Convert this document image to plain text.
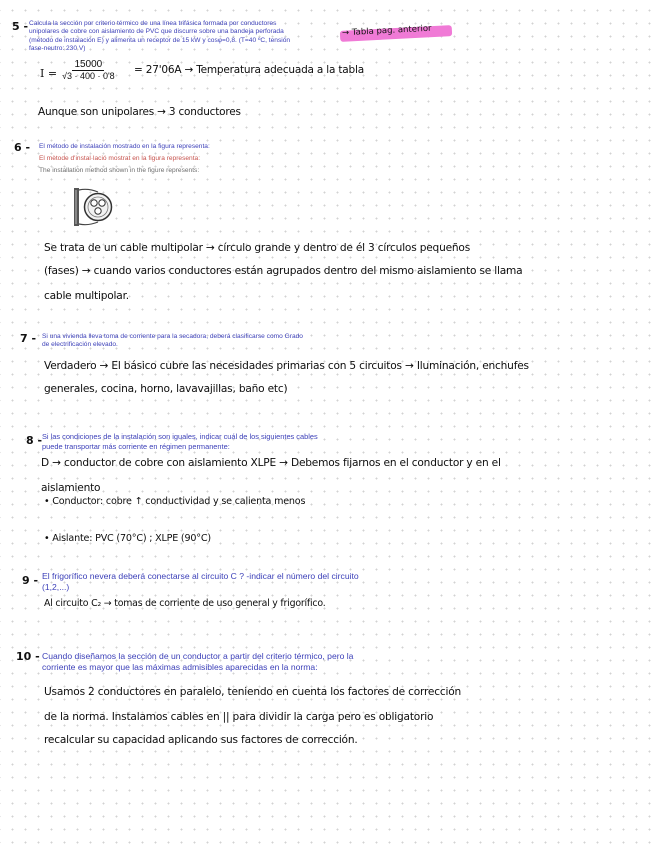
5 - Calcula la sección por criterio térmico de una línea trifásica formada por conductores
unipolares de cobre con aislamiento de PVC que discurre sobre una bandeja perforada
(método de instalación E) y alimenta un receptor de 15 kW y cosφ=0,8. (T=40 ºC, tensión
fase-neutro: 230 V)
→ Tabla pag. anterior
$I = \frac{15000}{√3 \cdot 400 \cdot 0'8} = 27'06A$ → Temperatura adecuada a la tabla
Aunque son unipolares → 3 conductores
6 - El método de instalación mostrado en la figura representa:
El mètode d'instal·lació mostrat en la figura representa:
The installation method shown in the figure represents:
Se trata de un cable multipolar → círculo grande y dentro de él 3 círculos pequeños
(fases) → cuando varios conductores están agrupados dentro del mismo aislamiento se llama
cable multipolar.
7 - Si una vivienda lleva toma de corriente para la secadora, deberá clasificarse como Grado
de electrificación elevado.
Verdadero → El básico cubre las necesidades primarias con 5 circuitos → Iluminación, enchufes
generales, cocina, horno, lavavajillas, baño etc)
8 - Si las condiciones de la instalación son iguales, indicar cuál de los siguientes cables
puede transportar más corriente en régimen permanente:
D → conductor de cobre con aislamiento XLPE → Debemos fijarnos en el conductor y en el
aislamiento
• Conductor: cobre ↑ conductividad y se calienta menos
• Aislante: PVC (70°C) ; XLPE (90°C)
9 - El frigorífico nevera deberá conectarse al circuito C ? -indicar el número del circuito
(1,2,...)
Al circuito C₂ → tomas de corriente de uso general y frigorífico.
10 - Cuando diseñamos la sección de un conductor a partir del criterio térmico, pero la
corriente es mayor que las máximas admisibles aparecidas en la norma:
Usamos 2 conductores en paralelo, teniendo en cuenta los factores de corrección
de la norma. Instalamos cables en || para dividir la carga pero es obligatorio
recalcular su capacidad aplicando sus factores de corrección.
